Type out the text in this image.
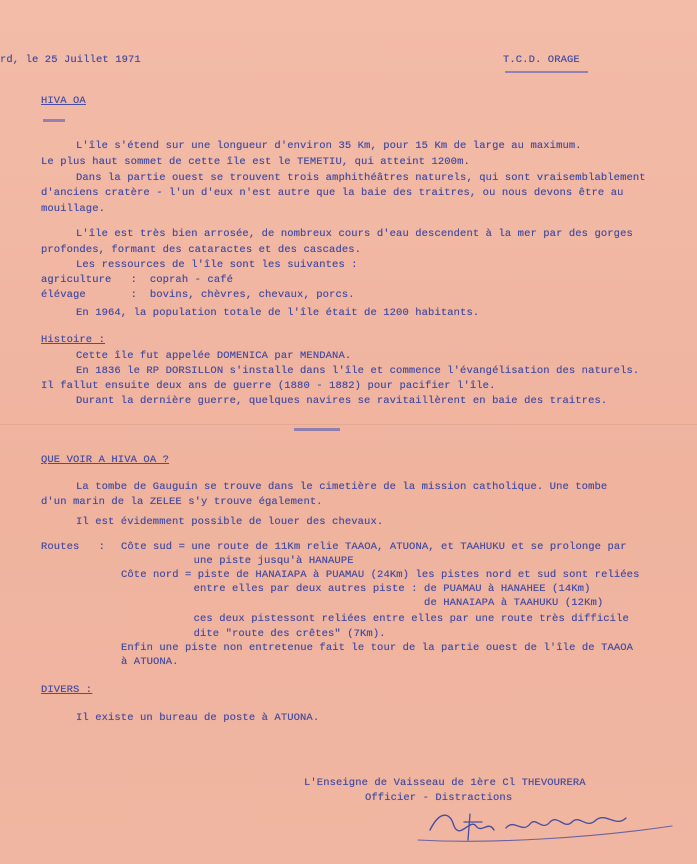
rd, le 25 Juillet 1971	T.C.D. ORAGE
HIVA OA
L'île s'étend sur une longueur d'environ 35 Km, pour 15 Km de large au maximum.
Le plus haut sommet de cette île est le TEMETIU, qui atteint 1200m.
Dans la partie ouest se trouvent trois amphithéâtres naturels, qui sont vraisemblablement
d'anciens cratère - l'un d'eux n'est autre que la baie des traitres, ou nous devons être au
mouillage.
L'île est très bien arrosée, de nombreux cours d'eau descendent à la mer par des gorges
profondes, formant des cataractes et des cascades.
Les ressources de l'île sont les suivantes :
agriculture   :  coprah - café
élévage       :  bovins, chèvres, chevaux, porcs.
En 1964, la population totale de l'île était de 1200 habitants.
Histoire :
Cette île fut appelée DOMENICA par MENDANA.
En 1836 le RP DORSILLON s'installe dans l'île et commence l'évangélisation des naturels.
Il fallut ensuite deux ans de guerre (1880 - 1882) pour pacifier l'île.
Durant la dernière guerre, quelques navires se ravitaillèrent en baie des traitres.
QUE VOIR A HIVA OA ?
La tombe de Gauguin se trouve dans le cimetière de la mission catholique. Une tombe
d'un marin de la ZELEE s'y trouve également.
Il est évidemment possible de louer des chevaux.
Routes   : Côte sud = une route de 11Km relie TAAOA, ATUONA, et TAAHUKU et se prolonge par
une piste jusqu'à HANAUPE
Côte nord = piste de HANAIAPA à PUAMAU (24Km) les pistes nord et sud sont reliées
entre elles par deux autres piste : de PUAMAU à HANAHEE (14Km)
de HANAIAPA à TAAHUKU (12Km)
ces deux pistessont reliées entre elles par une route très difficile
dite "route des crêtes" (7Km).
Enfin une piste non entretenue fait le tour de la partie ouest de l'île de TAAOA
à ATUONA.
DIVERS :
Il existe un bureau de poste à ATUONA.
L'Enseigne de Vaisseau de 1ère Cl THEVOURERA
Officier - Distractions
